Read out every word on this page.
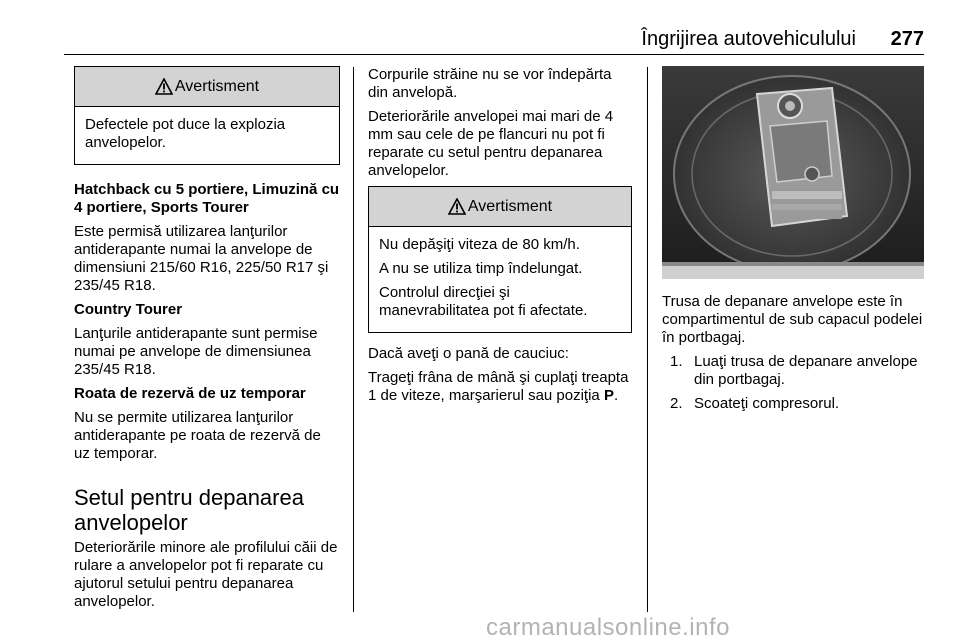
Îngrijirea autovehiculului 277
Avertisment

Defectele pot duce la explozia anvelopelor.

Hatchback cu 5 portiere, Limuzină cu 4 portiere, Sports Tourer

Este permisă utilizarea lanţurilor antiderapante numai la anvelope de dimensiuni 215/60 R16, 225/50 R17 şi 235/45 R18.

Country Tourer

Lanţurile antiderapante sunt permise numai pe anvelope de dimensiunea 235/45 R18.

Roata de rezervă de uz temporar

Nu se permite utilizarea lanţurilor antiderapante pe roata de rezervă de uz temporar.

Setul pentru depanarea anvelopelor

Deteriorările minore ale profilului căii de rulare a anvelopelor pot fi reparate cu ajutorul setului pentru depanarea anvelopelor.

Corpurile străine nu se vor îndepărta din anvelopă.

Deteriorările anvelopei mai mari de 4 mm sau cele de pe flancuri nu pot fi reparate cu setul pentru depanarea anvelopelor.

Avertisment

Nu depăşiţi viteza de 80 km/h.

A nu se utiliza timp îndelungat.

Controlul direcţiei şi manevrabilitatea pot fi afectate.

Dacă aveţi o pană de cauciuc:

Trageţi frâna de mână şi cuplaţi treapta 1 de viteze, marşarierul sau poziţia P.

Trusa de depanare anvelope este în compartimentul de sub capacul podelei în portbagaj.

1. Luaţi trusa de depanare anvelope din portbagaj.
2. Scoateţi compresorul.
carmanualsonline.info
